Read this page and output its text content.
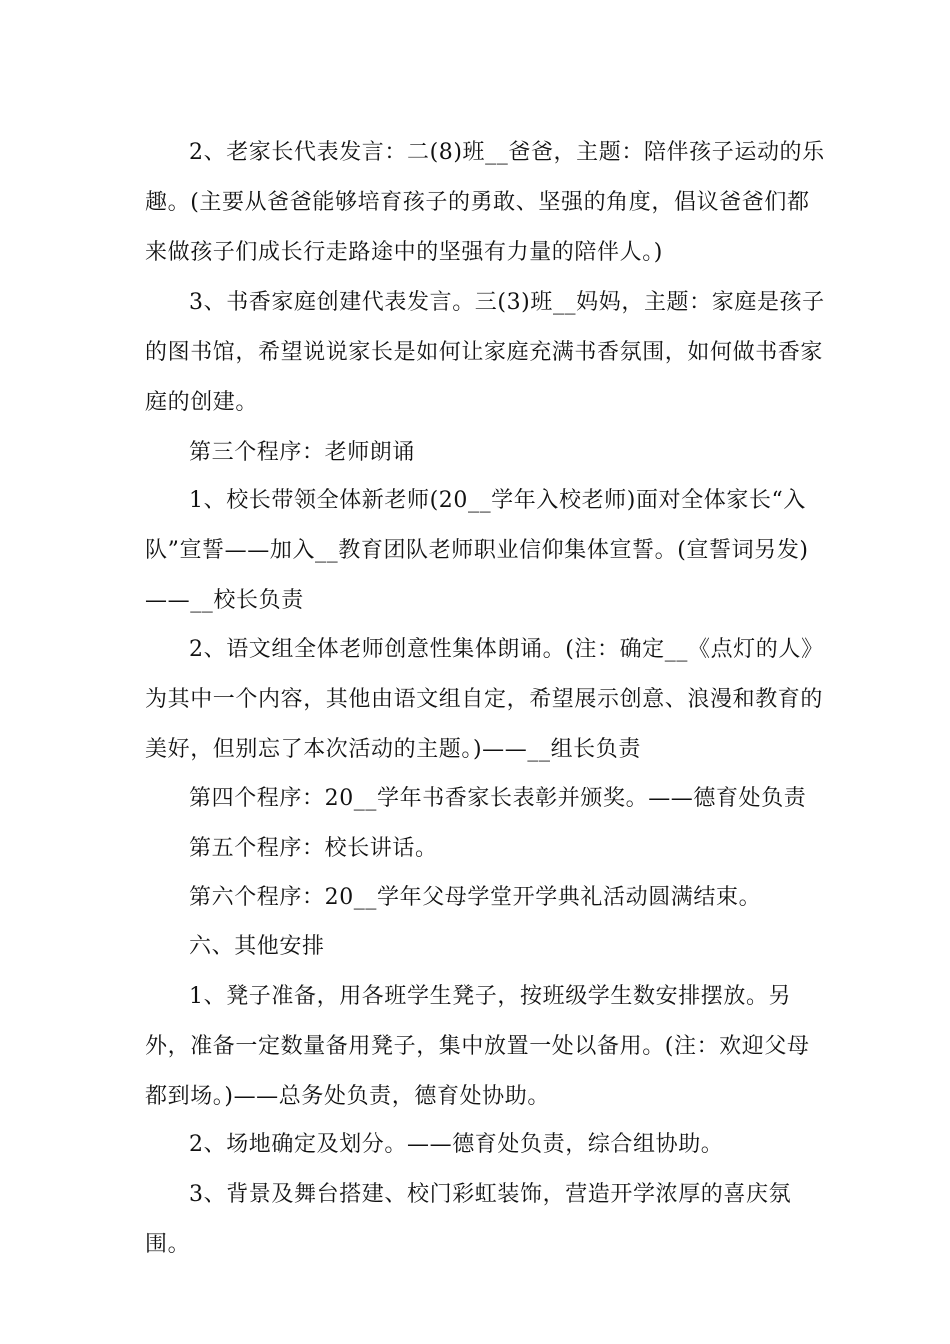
2、老家长代表发言：二(8)班__爸爸，主题：陪伴孩子运动的乐趣。(主要从爸爸能够培育孩子的勇敢、坚强的角度，倡议爸爸们都来做孩子们成长行走路途中的坚强有力量的陪伴人。)

3、书香家庭创建代表发言。三(3)班__妈妈，主题：家庭是孩子的图书馆，希望说说家长是如何让家庭充满书香氛围，如何做书香家庭的创建。

第三个程序：老师朗诵

1、校长带领全体新老师(20__学年入校老师)面对全体家长“入队”宣誓——加入__教育团队老师职业信仰集体宣誓。(宣誓词另发)——__校长负责

2、语文组全体老师创意性集体朗诵。(注：确定__《点灯的人》为其中一个内容，其他由语文组自定，希望展示创意、浪漫和教育的美好，但别忘了本次活动的主题。)——__组长负责

第四个程序：20__学年书香家长表彰并颁奖。——德育处负责

第五个程序：校长讲话。

第六个程序：20__学年父母学堂开学典礼活动圆满结束。

六、其他安排

1、凳子准备，用各班学生凳子，按班级学生数安排摆放。另外，准备一定数量备用凳子，集中放置一处以备用。(注：欢迎父母都到场。)——总务处负责，德育处协助。

2、场地确定及划分。——德育处负责，综合组协助。

3、背景及舞台搭建、校门彩虹装饰，营造开学浓厚的喜庆氛围。
